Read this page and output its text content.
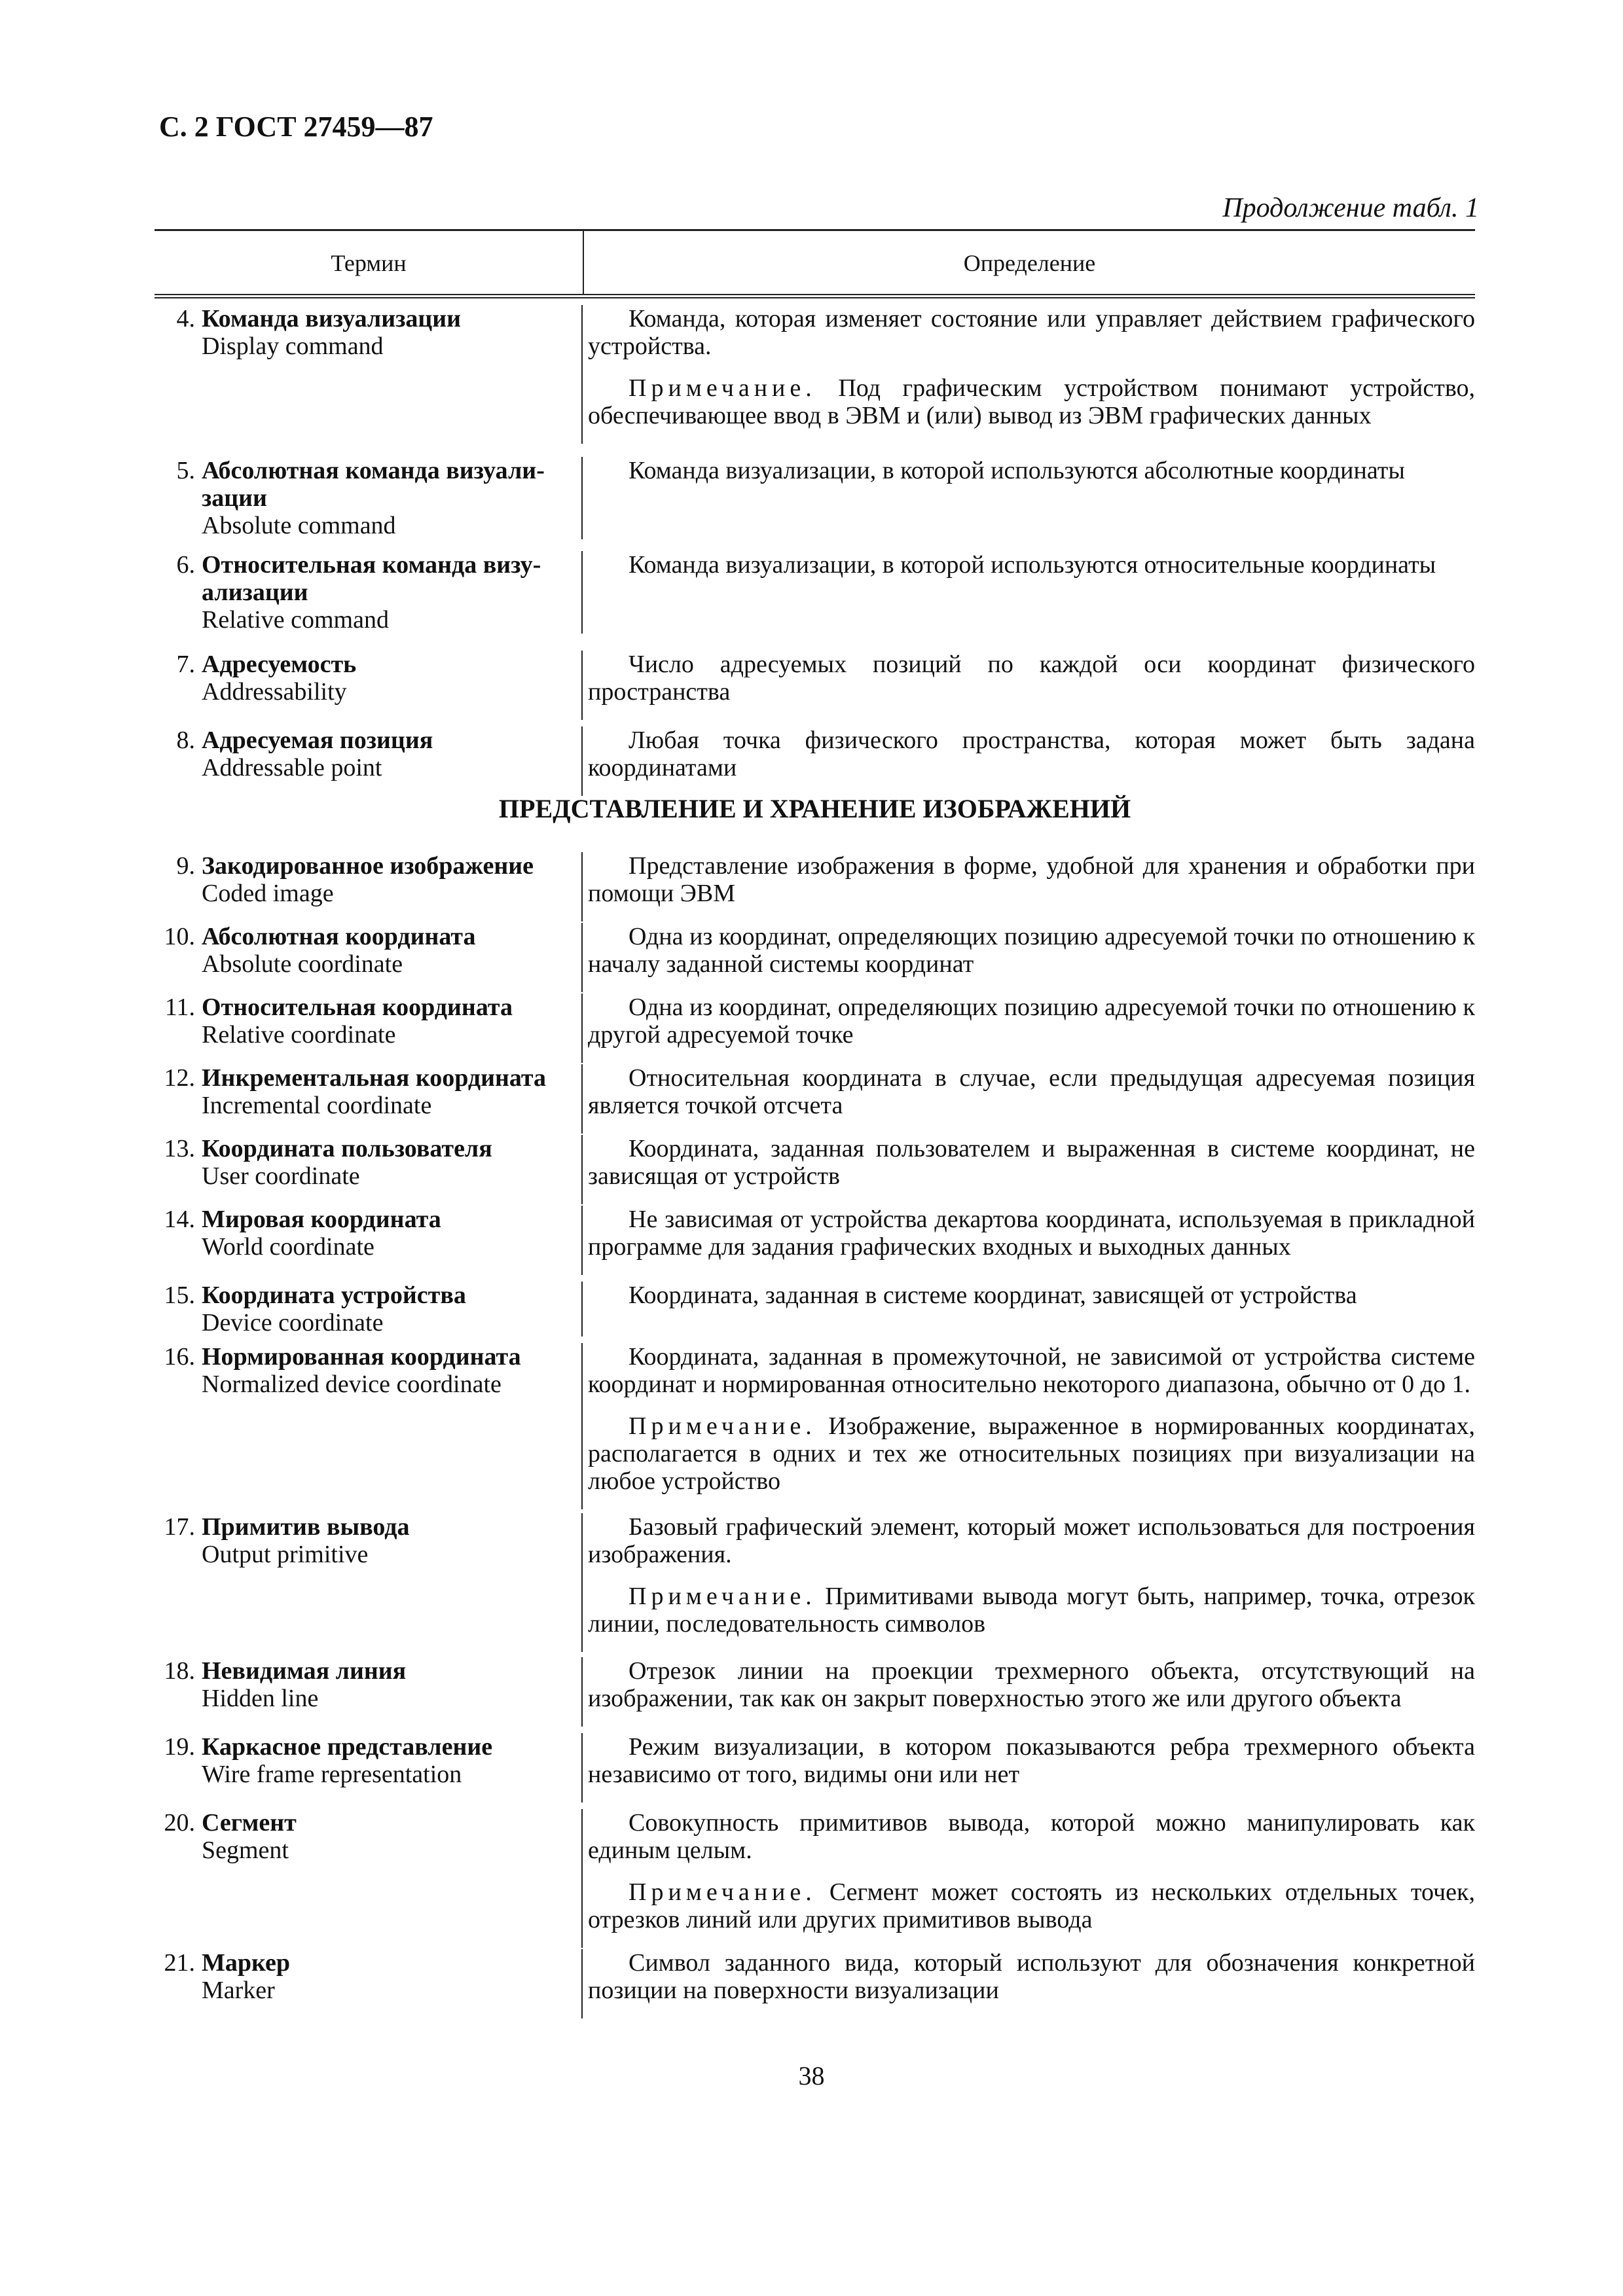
С. 2 ГОСТ 27459—87
Продолжение табл. 1
Термин	Определение
4. Команда визуализации
Display command

Команда, которая изменяет состояние или управляет действием графического устройства.

Примечание. Под графическим устройством понимают устройство, обеспечивающее ввод в ЭВМ и (или) вывод из ЭВМ графических данных

5. Абсолютная команда визуали-
зации
Absolute command

Команда визуализации, в которой используются абсолютные координаты

6. Относительная команда визу-
ализации
Relative command

Команда визуализации, в которой используются относительные координаты

7. Адресуемость
Addressability

Число адресуемых позиций по каждой оси координат физического пространства

8. Адресуемая позиция
Addressable point

Любая точка физического пространства, которая может быть задана координатами

ПРЕДСТАВЛЕНИЕ И ХРАНЕНИЕ ИЗОБРАЖЕНИЙ
9. Закодированное изображение
Coded image

Представление изображения в форме, удобной для хранения и обработки при помощи ЭВМ

10. Абсолютная координата
Absolute coordinate

Одна из координат, определяющих позицию адресуемой точки по отношению к началу заданной системы координат

11. Относительная координата
Relative coordinate

Одна из координат, определяющих позицию адресуемой точки по отношению к другой адресуемой точке

12. Инкрементальная координата
Incremental coordinate

Относительная координата в случае, если предыдущая адресуемая позиция является точкой отсчета

13. Координата пользователя
User coordinate

Координата, заданная пользователем и выраженная в системе координат, не зависящая от устройств

14. Мировая координата
World coordinate

Не зависимая от устройства декартова координата, используемая в прикладной программе для задания графических входных и выходных данных

15. Координата устройства
Device coordinate

Координата, заданная в системе координат, зависящей от устройства

16. Нормированная координата
Normalized device coordinate

Координата, заданная в промежуточной, не зависимой от устройства системе координат и нормированная относительно некоторого диапазона, обычно от 0 до 1.

Примечание. Изображение, выраженное в нормированных координатах, располагается в одних и тех же относительных позициях при визуализации на любое устройство

17. Примитив вывода
Output primitive

Базовый графический элемент, который может использоваться для построения изображения.

Примечание. Примитивами вывода могут быть, например, точка, отрезок линии, последовательность символов

18. Невидимая линия
Hidden line

Отрезок линии на проекции трехмерного объекта, отсутствующий на изображении, так как он закрыт поверхностью этого же или другого объекта

19. Каркасное представление
Wire frame representation

Режим визуализации, в котором показываются ребра трехмерного объекта независимо от того, видимы они или нет

20. Сегмент
Segment

Совокупность примитивов вывода, которой можно манипулировать как единым целым.

Примечание. Сегмент может состоять из нескольких отдельных точек, отрезков линий или других примитивов вывода

21. Маркер
Marker

Символ заданного вида, который используют для обозначения конкретной позиции на поверхности визуализации

38
